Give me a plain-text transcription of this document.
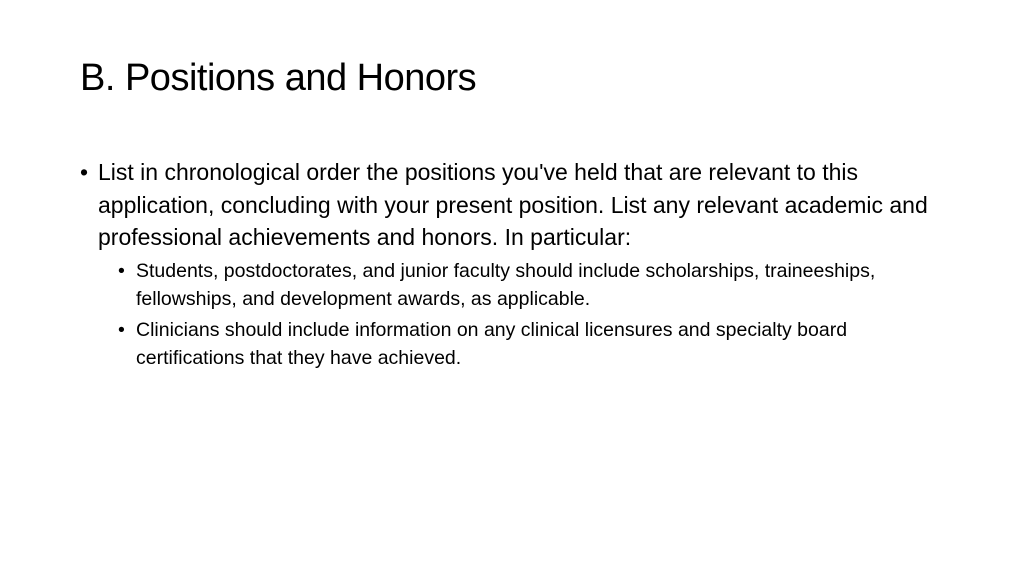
B. Positions and Honors
• List in chronological order the positions you've held that are relevant to this application, concluding with your present position. List any relevant academic and professional achievements and honors. In particular:
• Students, postdoctorates, and junior faculty should include scholarships, traineeships, fellowships, and development awards, as applicable.
• Clinicians should include information on any clinical licensures and specialty board certifications that they have achieved.
